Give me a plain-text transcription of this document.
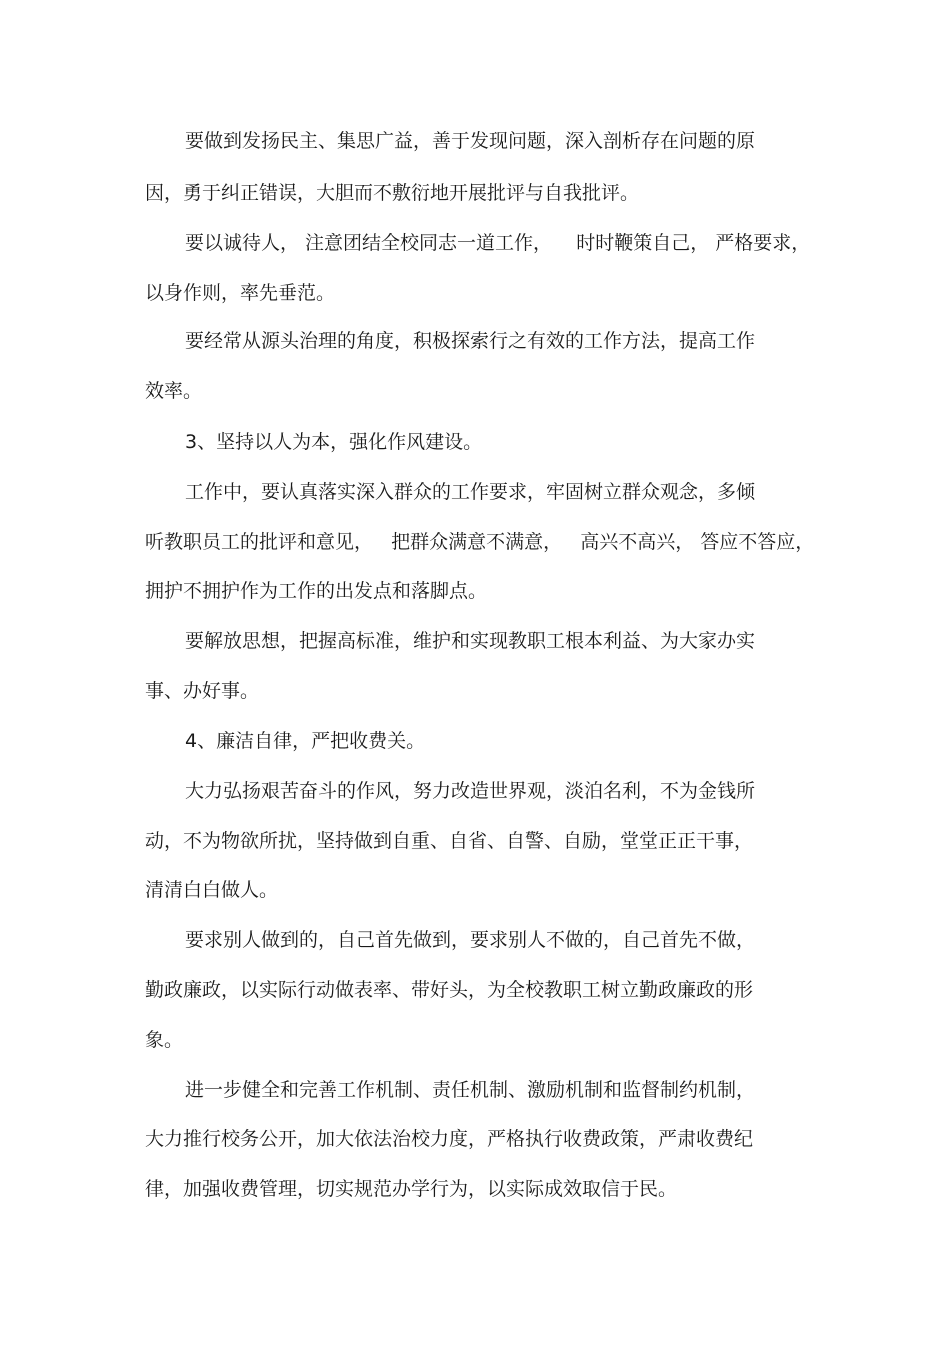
要做到发扬民主、集思广益，善于发现问题，深入剖析存在问题的原
因，勇于纠正错误，大胆而不敷衍地开展批评与自我批评。
要以诚待人， 注意团结全校同志一道工作，    时时鞭策自己， 严格要求，
以身作则，率先垂范。
要经常从源头治理的角度，积极探索行之有效的工作方法，提高工作
效率。
3、坚持以人为本，强化作风建设。
工作中，要认真落实深入群众的工作要求，牢固树立群众观念，多倾
听教职员工的批评和意见，   把群众满意不满意，   高兴不高兴， 答应不答应，
拥护不拥护作为工作的出发点和落脚点。
要解放思想，把握高标准，维护和实现教职工根本利益、为大家办实
事、办好事。
4、廉洁自律，严把收费关。
大力弘扬艰苦奋斗的作风，努力改造世界观，淡泊名利，不为金钱所
动，不为物欲所扰，坚持做到自重、自省、自警、自励，堂堂正正干事，
清清白白做人。
要求别人做到的，自己首先做到，要求别人不做的，自己首先不做，
勤政廉政，以实际行动做表率、带好头，为全校教职工树立勤政廉政的形
象。
进一步健全和完善工作机制、责任机制、激励机制和监督制约机制，
大力推行校务公开，加大依法治校力度，严格执行收费政策，严肃收费纪
律，加强收费管理，切实规范办学行为，以实际成效取信于民。
